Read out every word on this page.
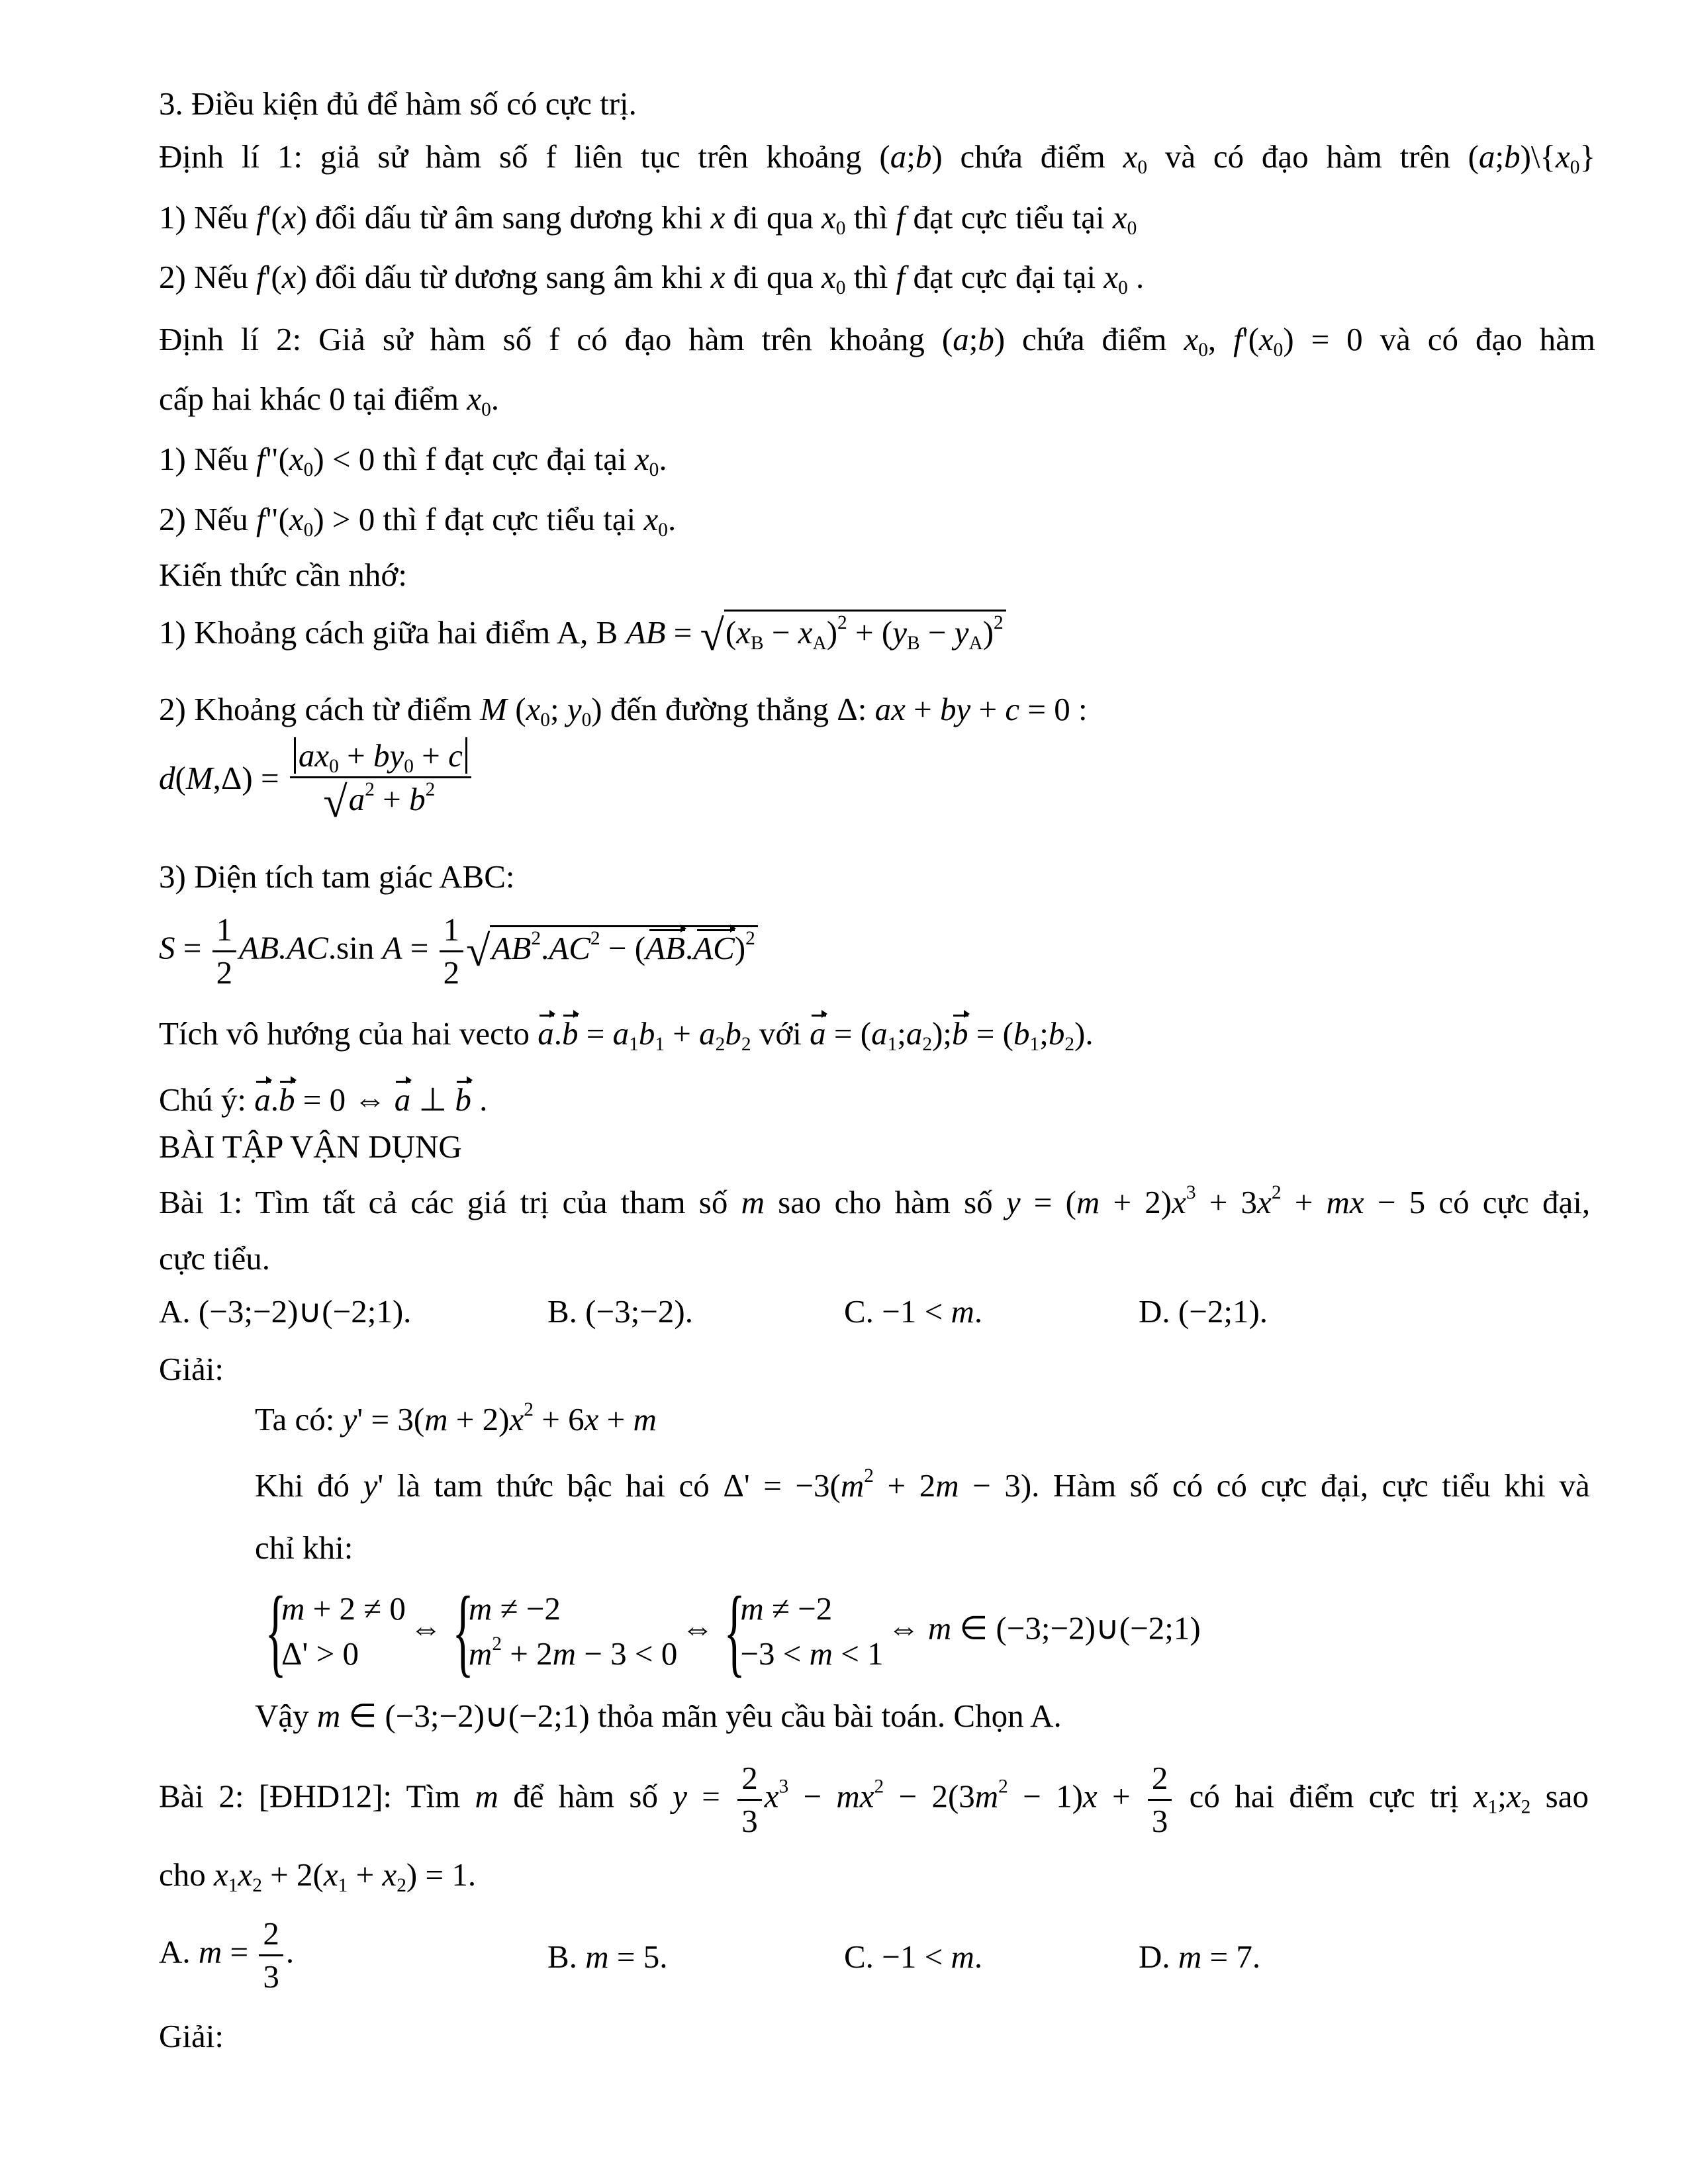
3. Điều kiện đủ để hàm số có cực trị.
Định lí 1: giả sử hàm số f liên tục trên khoảng (a;b) chứa điểm x0 và có đạo hàm trên (a;b)\{x0}
1) Nếu f'(x) đổi dấu từ âm sang dương khi x đi qua x0 thì f đạt cực tiểu tại x0
2) Nếu f'(x) đổi dấu từ dương sang âm khi x đi qua x0 thì f đạt cực đại tại x0 .
Định lí 2: Giả sử hàm số f có đạo hàm trên khoảng (a;b) chứa điểm x0, f'(x0) = 0 và có đạo hàm
cấp hai khác 0 tại điểm x0.
1) Nếu f"(x0) < 0 thì f đạt cực đại tại x0.
2) Nếu f"(x0) > 0 thì f đạt cực tiểu tại x0.
Kiến thức cần nhớ:
1) Khoảng cách giữa hai điểm A, B AB = √(xB − xA)$^2$ + (yB − yA)$^2$
2) Khoảng cách từ điểm M (x0; y0) đến đường thẳng Δ: ax + by + c = 0 :
$d(M,\Delta) = \frac{ax0 + by0 + c}{√a^2 + b^2}$
3) Diện tích tam giác ABC:
$S = \frac{1}{2} AB.AC.\sin$ $A = \frac{1}{2} √AB^2.AC^2 - (AB.AC)^2$
Tích vô hướng của hai vecto a.b = a1b1 + a2b2 với a = (a1;a2);b = (b1;b2).
Chú ý: a.b = 0 ⇔ a ⊥ b .
BÀI TẬP VẬN DỤNG
Bài 1: Tìm tất cả các giá trị của tham số m sao cho hàm số $y = (m + 2)x^3 + 3x^2$ + mx − 5 có cực đại,
cực tiểu.
A. (−3;−2)∪(−2;1).	B. (−3;−2).	C. −1 < m.	D. (−2;1).
Giải:
Ta có: $y' = 3(m + 2)x^2 + 6x + m$
Khi đó y' là tam thức bậc hai có $\Delta' = -3(m^2 + 2m - 3)$. Hàm số có có cực đại, cực tiểu khi và
chỉ khi:
{
m + 2 ≠ 0
Δ' > 0
⇔ {
m ≠ −2
$m^2 + 2m - 3 < 0$
⇔ {
m ≠ −2
−3 < m < 1
⇔ m ∈ (−3;−2)∪(−2;1)
Vậy m ∈ (−3;−2)∪(−2;1) thỏa mãn yêu cầu bài toán. Chọn A.
Bài 2: [ĐHD12]: Tìm m để hàm số $y = \frac{2}{3} x^3 - mx^2 - 2(3m^2 - 1)x + \frac{2}{3}$ có hai điểm cực trị x1;x2 sao
cho x1x2 + 2(x1 + x2) = 1.
A. $m = \frac{2}{3}$ .	B. m = 5.	C. −1 < m.	D. m = 7.
Giải:
